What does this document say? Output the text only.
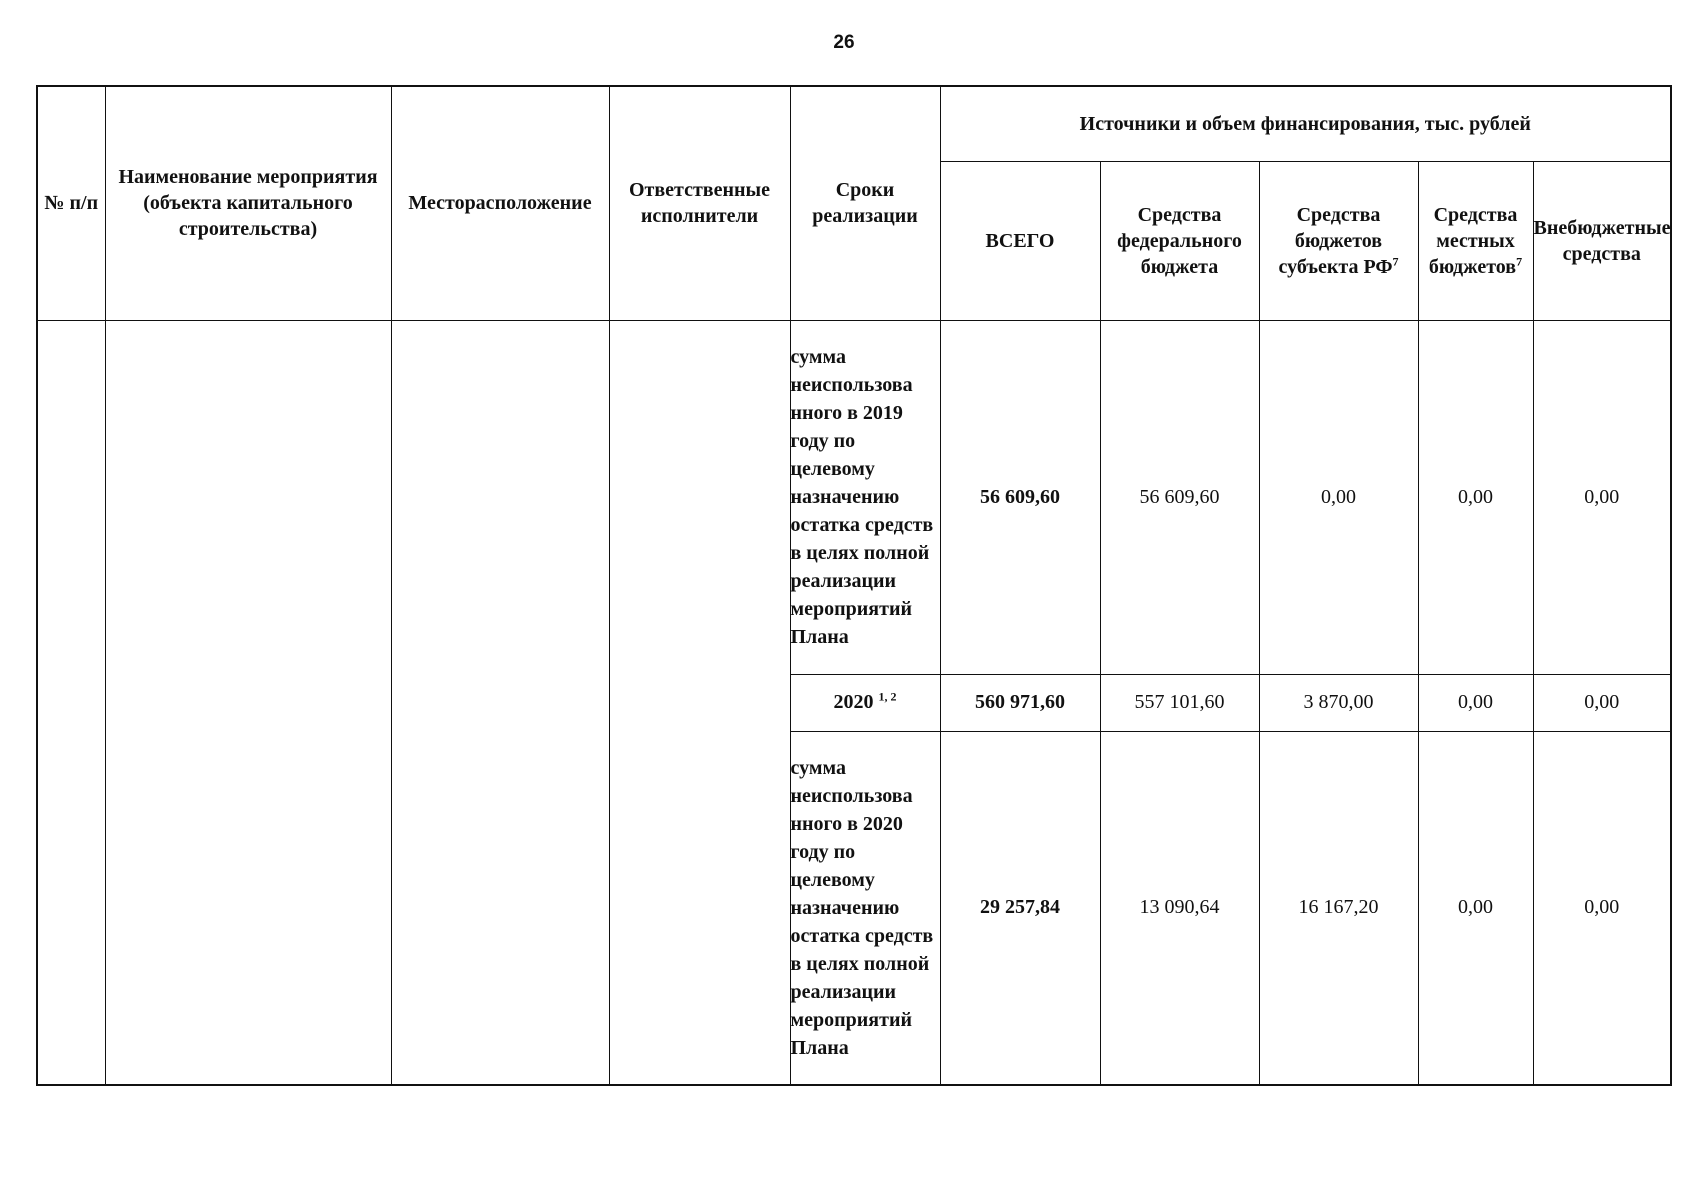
26
№ п/п	Наименование мероприятия (объекта капитального строительства)	Месторасположение	Ответственные исполнители	Сроки реализации	Источники и объем финансирования, тыс. рублей				
					ВСЕГО	Средства федерального бюджета	Средства бюджетов субъекта $РФ^7$	Средства местных бюджетов$^7$	Внебюджетные средства
				сумма неиспользова нного в 2019 году по целевому назначению остатка средств в целях полной реализации мероприятий Плана	56 609,60	56 609,60	0,00	0,00	0,00
				2020 $^{1, 2}$	560 971,60	557 101,60	3 870,00	0,00	0,00
				сумма неиспользова нного в 2020 году по целевому назначению остатка средств в целях полной реализации мероприятий Плана	29 257,84	13 090,64	16 167,20	0,00	0,00
